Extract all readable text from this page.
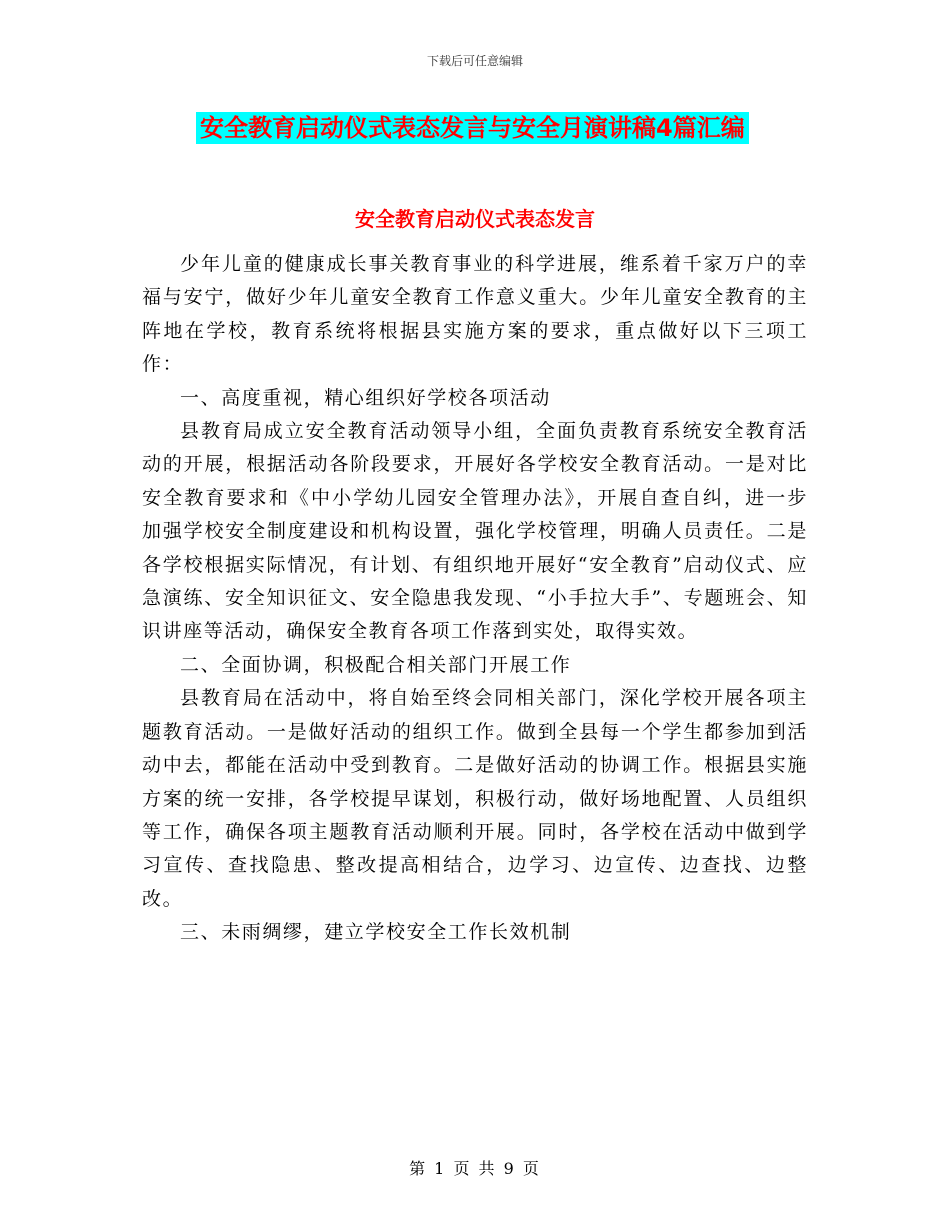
下载后可任意编辑
安全教育启动仪式表态发言与安全月演讲稿4篇汇编
安全教育启动仪式表态发言

少年儿童的健康成长事关教育事业的科学进展，维系着千家万户的幸福与安宁，做好少年儿童安全教育工作意义重大。少年儿童安全教育的主阵地在学校，教育系统将根据县实施方案的要求，重点做好以下三项工作：

一、高度重视，精心组织好学校各项活动

县教育局成立安全教育活动领导小组，全面负责教育系统安全教育活动的开展，根据活动各阶段要求，开展好各学校安全教育活动。一是对比安全教育要求和《中小学幼儿园安全管理办法》，开展自查自纠，进一步加强学校安全制度建设和机构设置，强化学校管理，明确人员责任。二是各学校根据实际情况，有计划、有组织地开展好“安全教育”启动仪式、应急演练、安全知识征文、安全隐患我发现、“小手拉大手”、专题班会、知识讲座等活动，确保安全教育各项工作落到实处，取得实效。

二、全面协调，积极配合相关部门开展工作

县教育局在活动中，将自始至终会同相关部门，深化学校开展各项主题教育活动。一是做好活动的组织工作。做到全县每一个学生都参加到活动中去，都能在活动中受到教育。二是做好活动的协调工作。根据县实施方案的统一安排，各学校提早谋划，积极行动，做好场地配置、人员组织等工作，确保各项主题教育活动顺利开展。同时，各学校在活动中做到学习宣传、查找隐患、整改提高相结合，边学习、边宣传、边查找、边整改。

三、未雨绸缪，建立学校安全工作长效机制

第 1 页 共 9 页
